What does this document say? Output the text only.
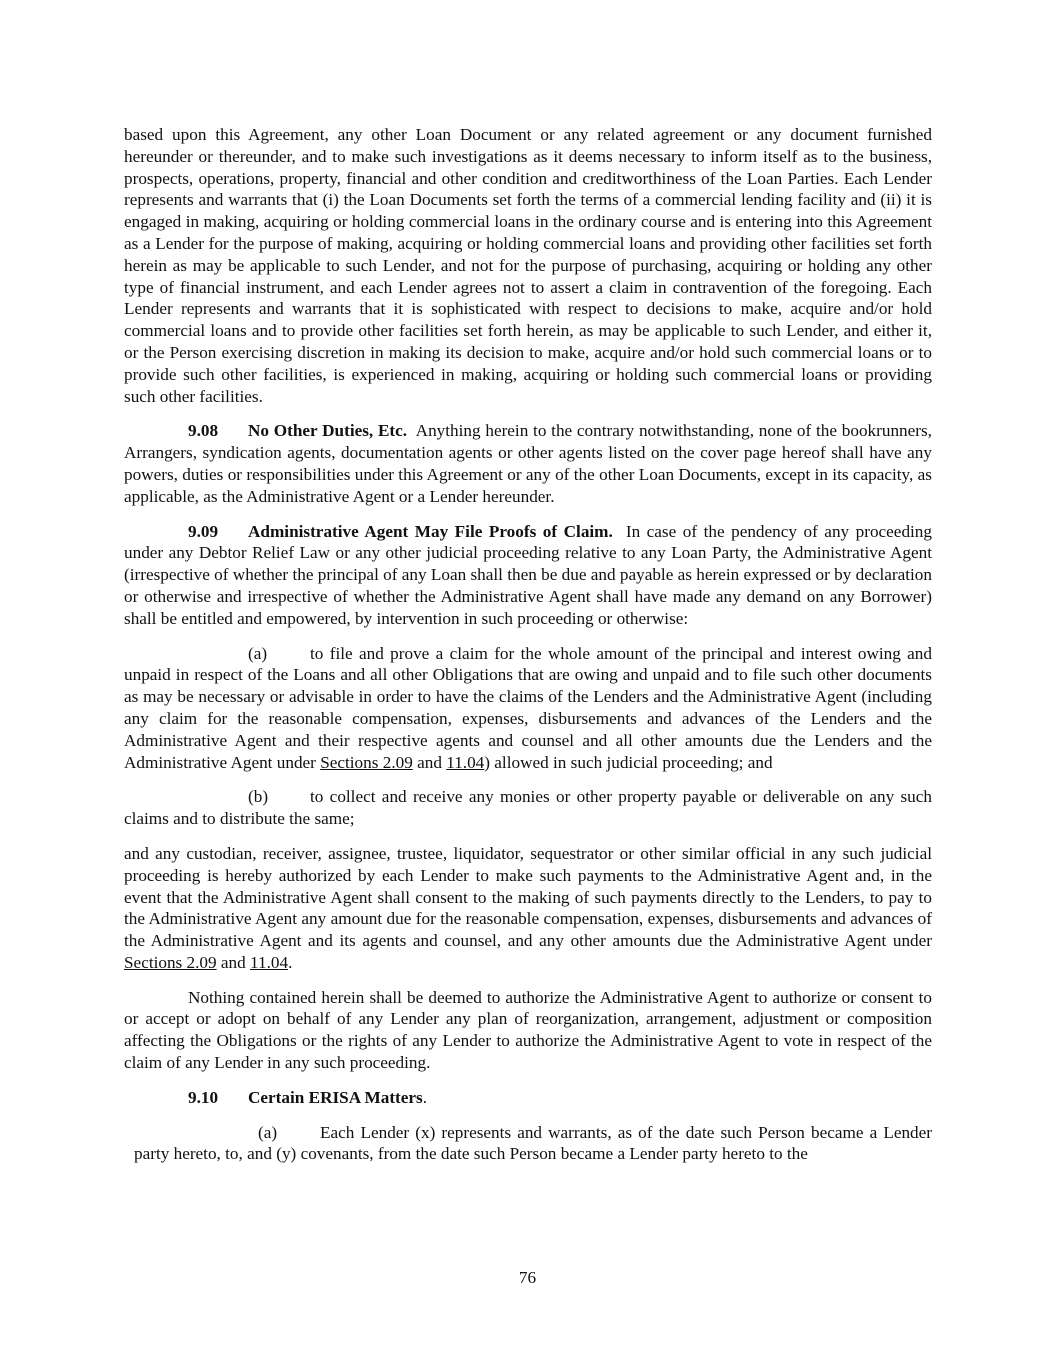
based upon this Agreement, any other Loan Document or any related agreement or any document furnished hereunder or thereunder, and to make such investigations as it deems necessary to inform itself as to the business, prospects, operations, property, financial and other condition and creditworthiness of the Loan Parties. Each Lender represents and warrants that (i) the Loan Documents set forth the terms of a commercial lending facility and (ii) it is engaged in making, acquiring or holding commercial loans in the ordinary course and is entering into this Agreement as a Lender for the purpose of making, acquiring or holding commercial loans and providing other facilities set forth herein as may be applicable to such Lender, and not for the purpose of purchasing, acquiring or holding any other type of financial instrument, and each Lender agrees not to assert a claim in contravention of the foregoing. Each Lender represents and warrants that it is sophisticated with respect to decisions to make, acquire and/or hold commercial loans and to provide other facilities set forth herein, as may be applicable to such Lender, and either it, or the Person exercising discretion in making its decision to make, acquire and/or hold such commercial loans or to provide such other facilities, is experienced in making, acquiring or holding such commercial loans or providing such other facilities.

9.08 No Other Duties, Etc. Anything herein to the contrary notwithstanding, none of the bookrunners, Arrangers, syndication agents, documentation agents or other agents listed on the cover page hereof shall have any powers, duties or responsibilities under this Agreement or any of the other Loan Documents, except in its capacity, as applicable, as the Administrative Agent or a Lender hereunder.

9.09 Administrative Agent May File Proofs of Claim. In case of the pendency of any proceeding under any Debtor Relief Law or any other judicial proceeding relative to any Loan Party, the Administrative Agent (irrespective of whether the principal of any Loan shall then be due and payable as herein expressed or by declaration or otherwise and irrespective of whether the Administrative Agent shall have made any demand on any Borrower) shall be entitled and empowered, by intervention in such proceeding or otherwise:

(a) to file and prove a claim for the whole amount of the principal and interest owing and unpaid in respect of the Loans and all other Obligations that are owing and unpaid and to file such other documents as may be necessary or advisable in order to have the claims of the Lenders and the Administrative Agent (including any claim for the reasonable compensation, expenses, disbursements and advances of the Lenders and the Administrative Agent and their respective agents and counsel and all other amounts due the Lenders and the Administrative Agent under Sections 2.09 and 11.04) allowed in such judicial proceeding; and

(b) to collect and receive any monies or other property payable or deliverable on any such claims and to distribute the same;

and any custodian, receiver, assignee, trustee, liquidator, sequestrator or other similar official in any such judicial proceeding is hereby authorized by each Lender to make such payments to the Administrative Agent and, in the event that the Administrative Agent shall consent to the making of such payments directly to the Lenders, to pay to the Administrative Agent any amount due for the reasonable compensation, expenses, disbursements and advances of the Administrative Agent and its agents and counsel, and any other amounts due the Administrative Agent under Sections 2.09 and 11.04.

Nothing contained herein shall be deemed to authorize the Administrative Agent to authorize or consent to or accept or adopt on behalf of any Lender any plan of reorganization, arrangement, adjustment or composition affecting the Obligations or the rights of any Lender to authorize the Administrative Agent to vote in respect of the claim of any Lender in any such proceeding.

9.10 Certain ERISA Matters.

(a) Each Lender (x) represents and warrants, as of the date such Person became a Lender party hereto, to, and (y) covenants, from the date such Person became a Lender party hereto to the

76
